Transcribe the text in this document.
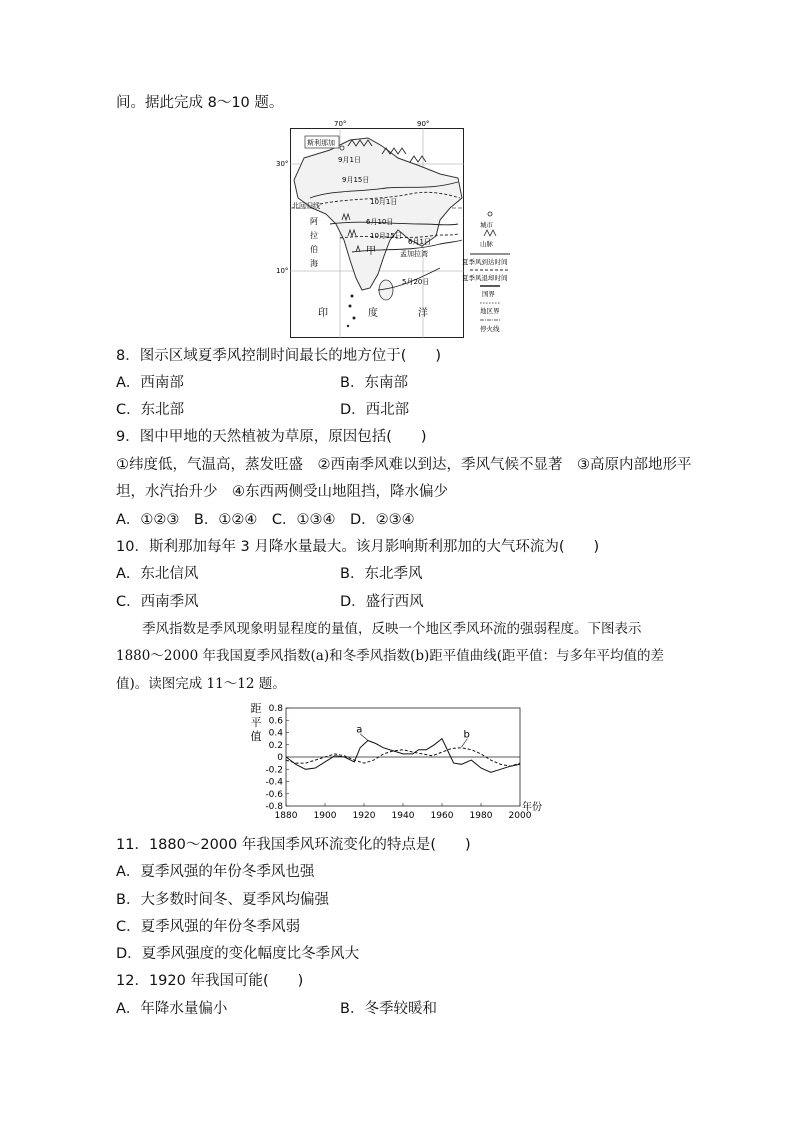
间。据此完成 8～10 题。
70°	90°
30°
10°
斯利那加
9月1日
9月15日
10月1日
6月10日
10月15日
6月1日
5月20日
北回归线
阿
拉
伯
海
甲	孟加拉湾
印	度	洋
城市
山脉
夏季风到达时间
夏季风退却时间
国界
地区界
停火线
8．图示区域夏季风控制时间最长的地方位于(　　)
A．西南部	B．东南部
C．东北部	D．西北部
9．图中甲地的天然植被为草原，原因包括(　　)
①纬度低，气温高，蒸发旺盛　②西南季风难以到达，季风气候不显著　③高原内部地形平
坦，水汽抬升少　④东西两侧受山地阻挡，降水偏少
A．①②③　B．①②④　C．①③④　D．②③④
10．斯利那加每年 3 月降水量最大。该月影响斯利那加的大气环流为(　　)
A．东北信风	B．东北季风
C．西南季风	D．盛行西风
季风指数是季风现象明显程度的量值，反映一个地区季风环流的强弱程度。下图表示
1880～2000 年我国夏季风指数(a)和冬季风指数(b)距平值曲线(距平值：与多年平均值的差
值)。读图完成 11～12 题。
距
平
值
0.8
0.6
0.4
0.2
0
-0.2
-0.4
-0.6
-0.8
1880 1900 1920 1940 1960 1980 2000
a	b
年份
11．1880～2000 年我国季风环流变化的特点是(　　)
A．夏季风强的年份冬季风也强
B．大多数时间冬、夏季风均偏强
C．夏季风强的年份冬季风弱
D．夏季风强度的变化幅度比冬季风大
12．1920 年我国可能(　　)
A．年降水量偏小	B．冬季较暖和
